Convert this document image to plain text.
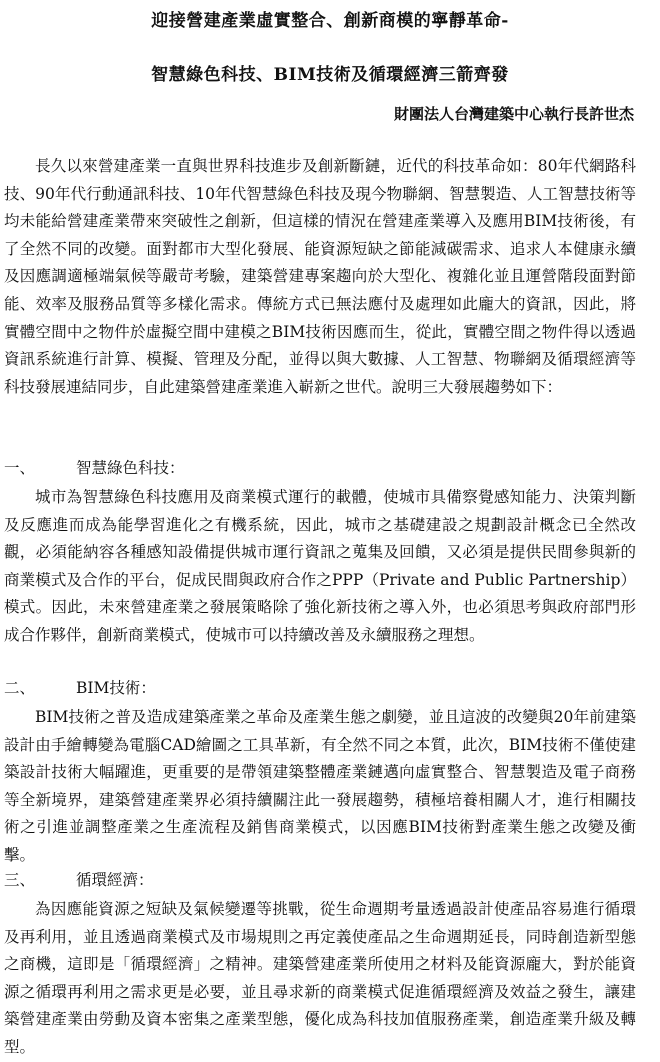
迎接營建產業虛實整合、創新商模的寧靜革命-
智慧綠色科技、BIM技術及循環經濟三箭齊發
財團法人台灣建築中心執行長許世杰

長久以來營建產業一直與世界科技進步及創新斷鏈，近代的科技革命如：80年代網路科技、90年代行動通訊科技、10年代智慧綠色科技及現今物聯網、智慧製造、人工智慧技術等均未能給營建產業帶來突破性之創新，但這樣的情況在營建產業導入及應用BIM技術後，有了全然不同的改變。面對都市大型化發展、能資源短缺之節能減碳需求、追求人本健康永續及因應調適極端氣候等嚴苛考驗，建築營建專案趨向於大型化、複雜化並且運營階段面對節能、效率及服務品質等多樣化需求。傳統方式已無法應付及處理如此龐大的資訊，因此，將實體空間中之物件於虛擬空間中建模之BIM技術因應而生，從此，實體空間之物件得以透過資訊系統進行計算、模擬、管理及分配，並得以與大數據、人工智慧、物聯網及循環經濟等科技發展連結同步，自此建築營建產業進入嶄新之世代。說明三大發展趨勢如下：

一、	智慧綠色科技：

城市為智慧綠色科技應用及商業模式運行的載體，使城市具備察覺感知能力、決策判斷及反應進而成為能學習進化之有機系統，因此，城市之基礎建設之規劃設計概念已全然改觀，必須能納容各種感知設備提供城市運行資訊之蒐集及回饋，又必須是提供民間參與新的商業模式及合作的平台，促成民間與政府合作之PPP（Private and Public Partnership）模式。因此，未來營建產業之發展策略除了強化新技術之導入外，也必須思考與政府部門形成合作夥伴，創新商業模式，使城市可以持續改善及永續服務之理想。

二、	BIM技術：

BIM技術之普及造成建築產業之革命及產業生態之劇變，並且這波的改變與20年前建築設計由手繪轉變為電腦CAD繪圖之工具革新，有全然不同之本質，此次，BIM技術不僅使建築設計技術大幅躍進，更重要的是帶領建築整體產業鏈邁向虛實整合、智慧製造及電子商務等全新境界，建築營建產業界必須持續關注此一發展趨勢，積極培養相關人才，進行相關技術之引進並調整產業之生產流程及銷售商業模式，以因應BIM技術對產業生態之改變及衝擊。

三、	循環經濟：

為因應能資源之短缺及氣候變遷等挑戰，從生命週期考量透過設計使產品容易進行循環及再利用，並且透過商業模式及市場規則之再定義使產品之生命週期延長，同時創造新型態之商機，這即是「循環經濟」之精神。建築營建產業所使用之材料及能資源龐大，對於能資源之循環再利用之需求更是必要，並且尋求新的商業模式促進循環經濟及效益之發生，讓建築營建產業由勞動及資本密集之產業型態，優化成為科技加值服務產業，創造產業升級及轉型。
